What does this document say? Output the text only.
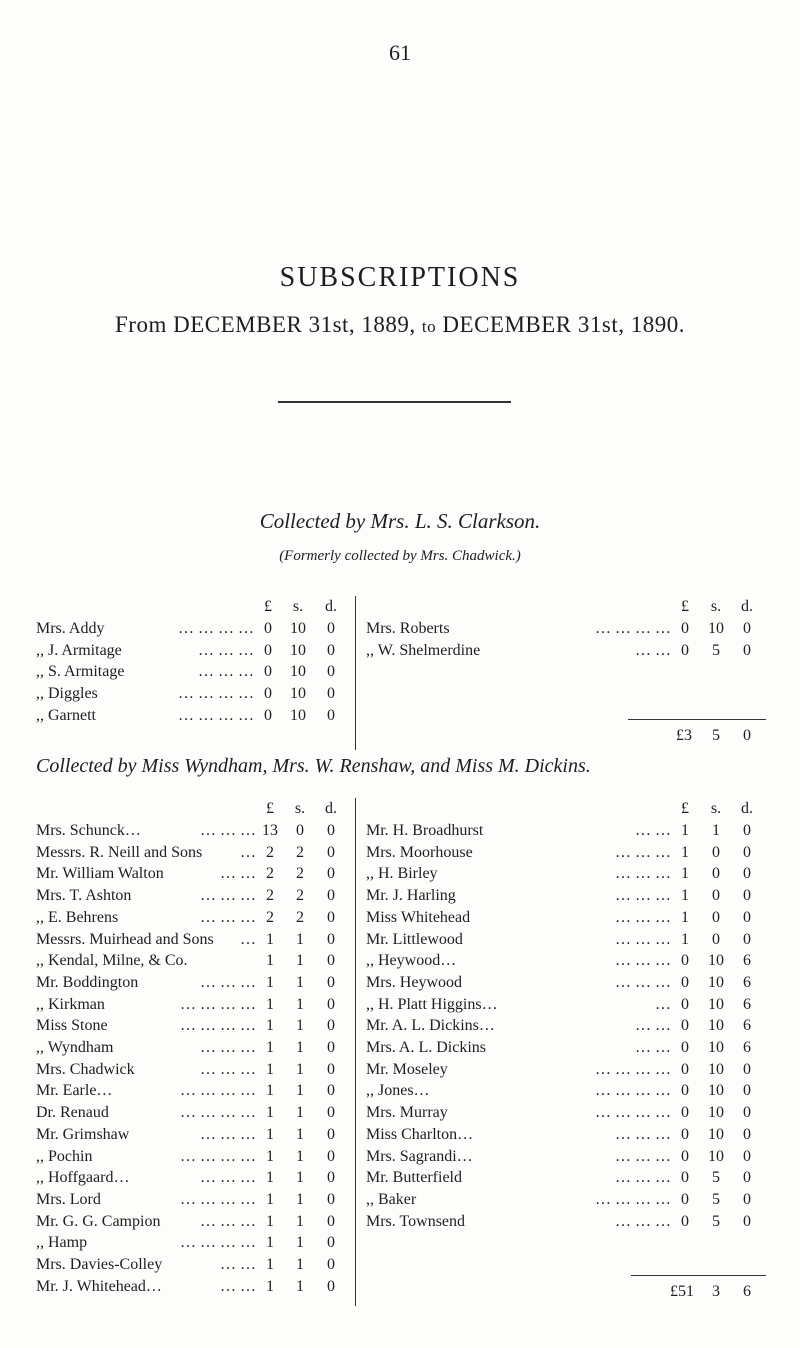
61
SUBSCRIPTIONS
From DECEMBER 31st, 1889, to DECEMBER 31st, 1890.
Collected by Mrs. L. S. Clarkson.
(Formerly collected by Mrs. Chadwick.)
£	s.	d.
Mrs. Addy	… … … … 0	10	0
,, J. Armitage	… … … 0	10	0
,, S. Armitage	… … … 0	10	0
,, Diggles	… … … … 0	10	0
,, Garnett	… … … … 0	10	0
£	s.	d.
Mrs. Roberts	… … … … 0	10	0
,, W. Shelmerdine	… … 0	5	0
£3	5	0
Collected by Miss Wyndham, Mrs. W. Renshaw, and Miss M. Dickins.
£	s.	d.
Mrs. Schunck…	… … … 13	0	0
Messrs. R. Neill and Sons … 2	2	0
Mr. William Walton	… … 2	2	0
Mrs. T. Ashton	… … … 2	2	0
,, E. Behrens	… … … 2	2	0
Messrs. Muirhead and Sons … 1	1	0
,, Kendal, Milne, & Co.	1	1	0
Mr. Boddington	… … … 1	1	0
,, Kirkman	… … … … 1	1	0
Miss Stone	… … … … 1	1	0
,, Wyndham	… … … 1	1	0
Mrs. Chadwick	… … … 1	1	0
Mr. Earle…	… … … … 1	1	0
Dr. Renaud	… … … … 1	1	0
Mr. Grimshaw	… … … 1	1	0
,, Pochin	… … … … 1	1	0
,, Hoffgaard…	… … … 1	1	0
Mrs. Lord	… … … … 1	1	0
Mr. G. G. Campion … … … 1	1	0
,, Hamp	… … … … 1	1	0
Mrs. Davies-Colley	… … 1	1	0
Mr. J. Whitehead…	… … 1	1	0
£	s.	d.
Mr. H. Broadhurst	… … 1	1	0
Mrs. Moorhouse	… … … 1	0	0
,, H. Birley	… … … 1	0	0
Mr. J. Harling	… … … 1	0	0
Miss Whitehead	… … … 1	0	0
Mr. Littlewood	… … … 1	0	0
,, Heywood…	… … … 0	10	6
Mrs. Heywood	… … … 0	10	6
,, H. Platt Higgins…	… 0	10	6
Mr. A. L. Dickins…	… … 0	10	6
Mrs. A. L. Dickins	… … 0	10	6
Mr. Moseley	… … … … 0	10	0
,, Jones…	… … … … 0	10	0
Mrs. Murray	… … … … 0	10	0
Miss Charlton…	… … … 0	10	0
Mrs. Sagrandi…	… … … 0	10	0
Mr. Butterfield	… … … 0	5	0
,, Baker	… … … … 0	5	0
Mrs. Townsend	… … … 0	5	0
£51	3	6
